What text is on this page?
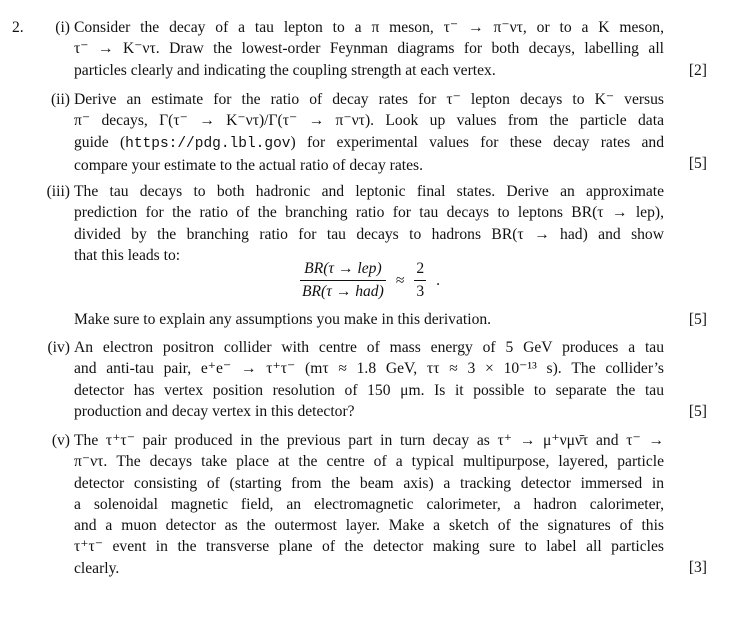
2.	(i) Consider the decay of a tau lepton to a π meson, τ⁻ → π⁻ντ, or to a K meson,
τ⁻ → K⁻ντ. Draw the lowest-order Feynman diagrams for both decays, labelling all
particles clearly and indicating the coupling strength at each vertex.	[2]
(ii) Derive an estimate for the ratio of decay rates for τ⁻ lepton decays to K⁻ versus
π⁻ decays, Γ(τ⁻ → K⁻ντ)/Γ(τ⁻ → π⁻ντ). Look up values from the particle data
guide (https://pdg.lbl.gov) for experimental values for these decay rates and
compare your estimate to the actual ratio of decay rates.	[5]
(iii) The tau decays to both hadronic and leptonic final states. Derive an approximate
prediction for the ratio of the branching ratio for tau decays to leptons BR(τ → lep),
divided by the branching ratio for tau decays to hadrons BR(τ → had) and show
that this leads to:
$\frac{\text{BR(τ → lep)}}{\text{BR(τ → had)}} \approx \frac{2}{3}$ .
Make sure to explain any assumptions you make in this derivation.	[5]
(iv) An electron positron collider with centre of mass energy of 5 GeV produces a tau
and anti-tau pair, e⁺e⁻ → τ⁺τ⁻ (mτ ≈ 1.8 GeV, ττ ≈ 3 × 10⁻¹³ s). The collider’s
detector has vertex position resolution of 150 μm. Is it possible to separate the tau
production and decay vertex in this detector?	[5]
(v) The τ⁺τ⁻ pair produced in the previous part in turn decay as τ⁺ → μ⁺νμν̄τ and τ⁻ →
π⁻ντ. The decays take place at the centre of a typical multipurpose, layered, particle
detector consisting of (starting from the beam axis) a tracking detector immersed in
a solenoidal magnetic field, an electromagnetic calorimeter, a hadron calorimeter,
and a muon detector as the outermost layer. Make a sketch of the signatures of this
τ⁺τ⁻ event in the transverse plane of the detector making sure to label all particles
clearly.	[3]
